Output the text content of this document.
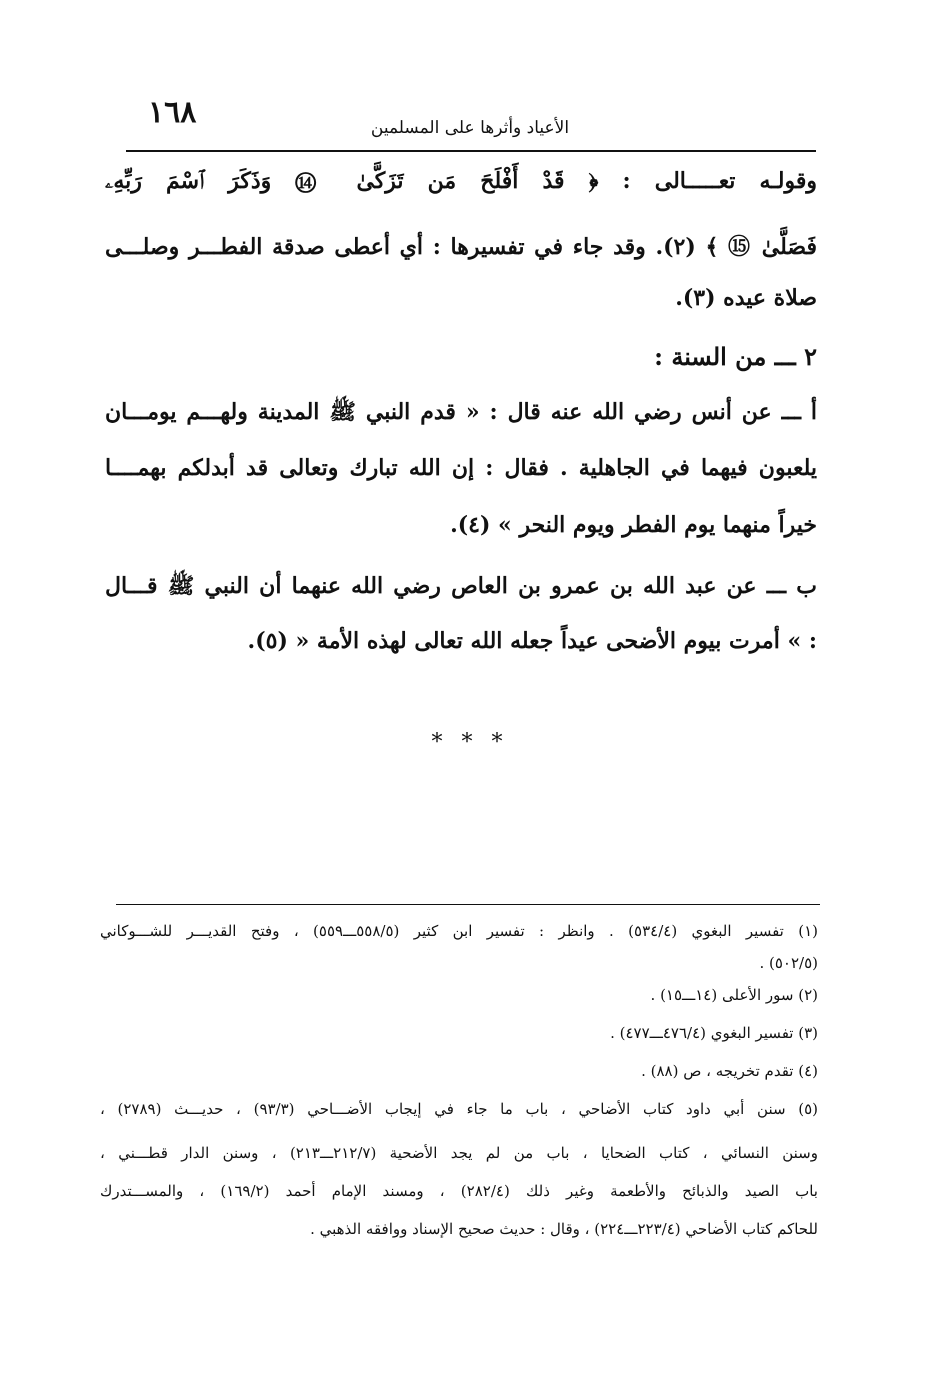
١٦٨	الأعياد وأثرها على المسلمين
وقولـه تعـــــالى : ﴿ قَدْ أَفْلَحَ مَن تَزَكَّىٰ ⑭ وَذَكَرَ ٱسْمَ رَبِّهِۦ
فَصَلَّىٰ ⑮ ﴾ (٢). وقد جاء في تفسيرها : أي أعطى صدقة الفطـــر وصلـــى
صلاة عيده (٣).
٢ ـــ من السنة :
أ ـــ عن أنس رضي الله عنه قال : « قدم النبي ﷺ المدينة ولهـــم يومـــان
يلعبون فيهما في الجاهلية . فقال : إن الله تبارك وتعالى قد أبدلكم بهمــــا
خيراً منهما يوم الفطر ويوم النحر » (٤).
ب ـــ عن عبد الله بن عمرو بن العاص رضي الله عنهما أن النبي ﷺ قـــال
: » أمرت بيوم الأضحى عيداً جعله الله تعالى لهذه الأمة « (٥).
* * *
(١) تفسير البغوي (٥٣٤/٤) . وانظر : تفسير ابن كثير (٥٥٨/٥ـــ٥٥٩) ، وفتح القديـــر للشـــوكاني
(٥٠٢/٥) .
(٢) سور الأعلى (١٤ـــ١٥) .
(٣) تفسير البغوي (٤٧٦/٤ـــ٤٧٧) .
(٤) تقدم تخريجه ، ص (٨٨) .
(٥) سنن أبي داود كتاب الأضاحي ، باب ما جاء في إيجاب الأضـــاحي (٩٣/٣) ، حديـــث (٢٧٨٩) ،
وسنن النسائي ، كتاب الضحايا ، باب من لم يجد الأضحية (٢١٢/٧ـــ٢١٣) ، وسنن الدار قطـــني ،
باب الصيد والذبائح والأطعمة وغير ذلك (٢٨٢/٤) ، ومسند الإمام أحمد (١٦٩/٢) ، والمســـتدرك
للحاكم كتاب الأضاحي (٢٢٣/٤ـــ٢٢٤) ، وقال : حديث صحيح الإسناد ووافقه الذهبي .
